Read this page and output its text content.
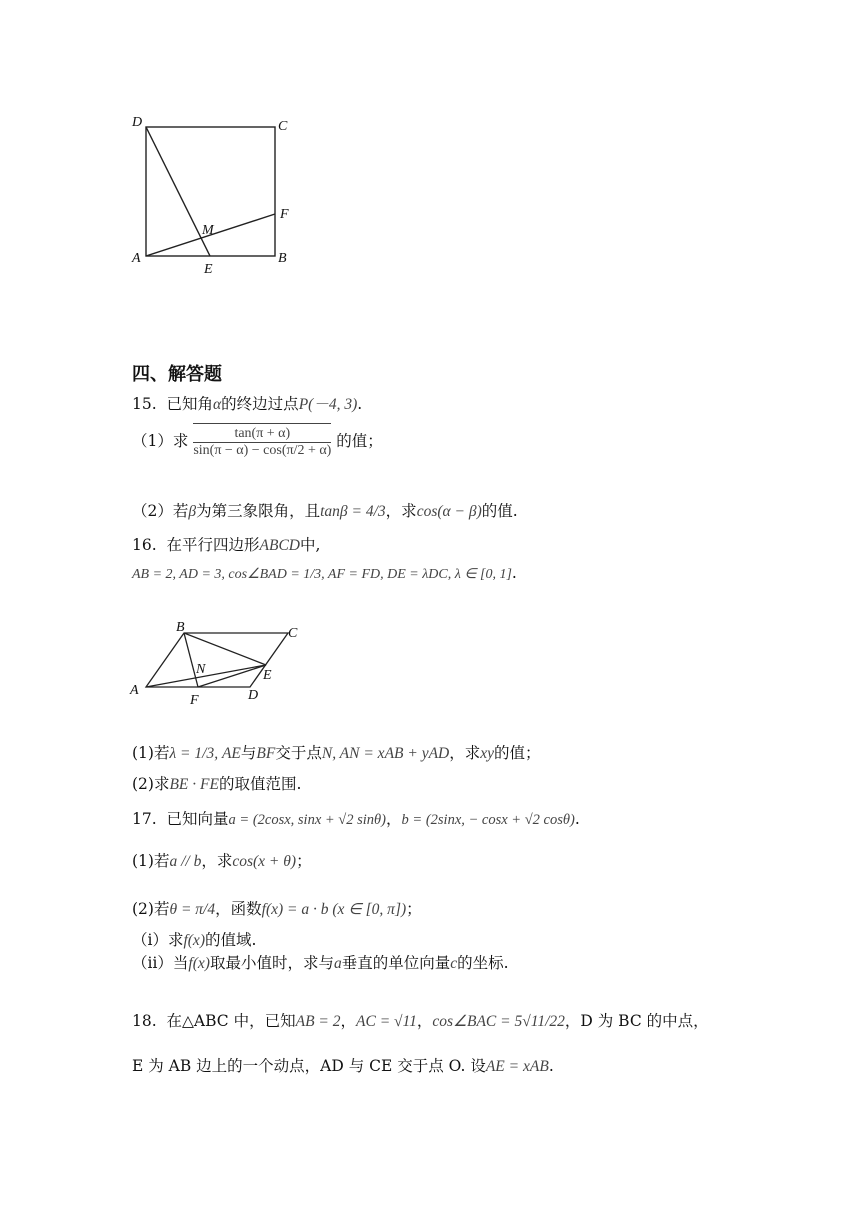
D	C
F
M
A
E
B
四、解答题
15. 已知角α的终边过点P(－4, 3).
（1）求 $\frac{\tan(\pi + \alpha)}{\sin(\pi - \alpha) - \cos(\pi/2 + \alpha)}$ 的值；
（2）若β为第三象限角，且tanβ = 4/3，求cos(α − β)的值.
16. 在平行四边形ABCD中,
AB = 2, AD = 3, cos∠BAD = 1/3, AF = FD, DE = λDC, λ ∈ [0, 1].
B	C
N	E
A
F	D
(1)若λ = 1/3, AE与BF交于点N, AN = xAB + yAD，求xy的值；
(2)求BE · FE的取值范围.
17. 已知向量a = (2cosx, sinx + √2 sinθ)，b = (2sinx, − cosx + √2 cosθ).
(1)若a // b，求cos(x + θ)；
(2)若θ = π/4，函数f(x) = a · b (x ∈ [0, π])；
（ⅰ）求f(x)的值域.
（ⅱ）当f(x)取最小值时，求与a垂直的单位向量c的坐标.
18. 在△ABC 中，已知AB = 2，AC = √11，cos∠BAC = 5√11/22，D 为 BC 的中点，
E 为 AB 边上的一个动点，AD 与 CE 交于点 O. 设AE = xAB.
